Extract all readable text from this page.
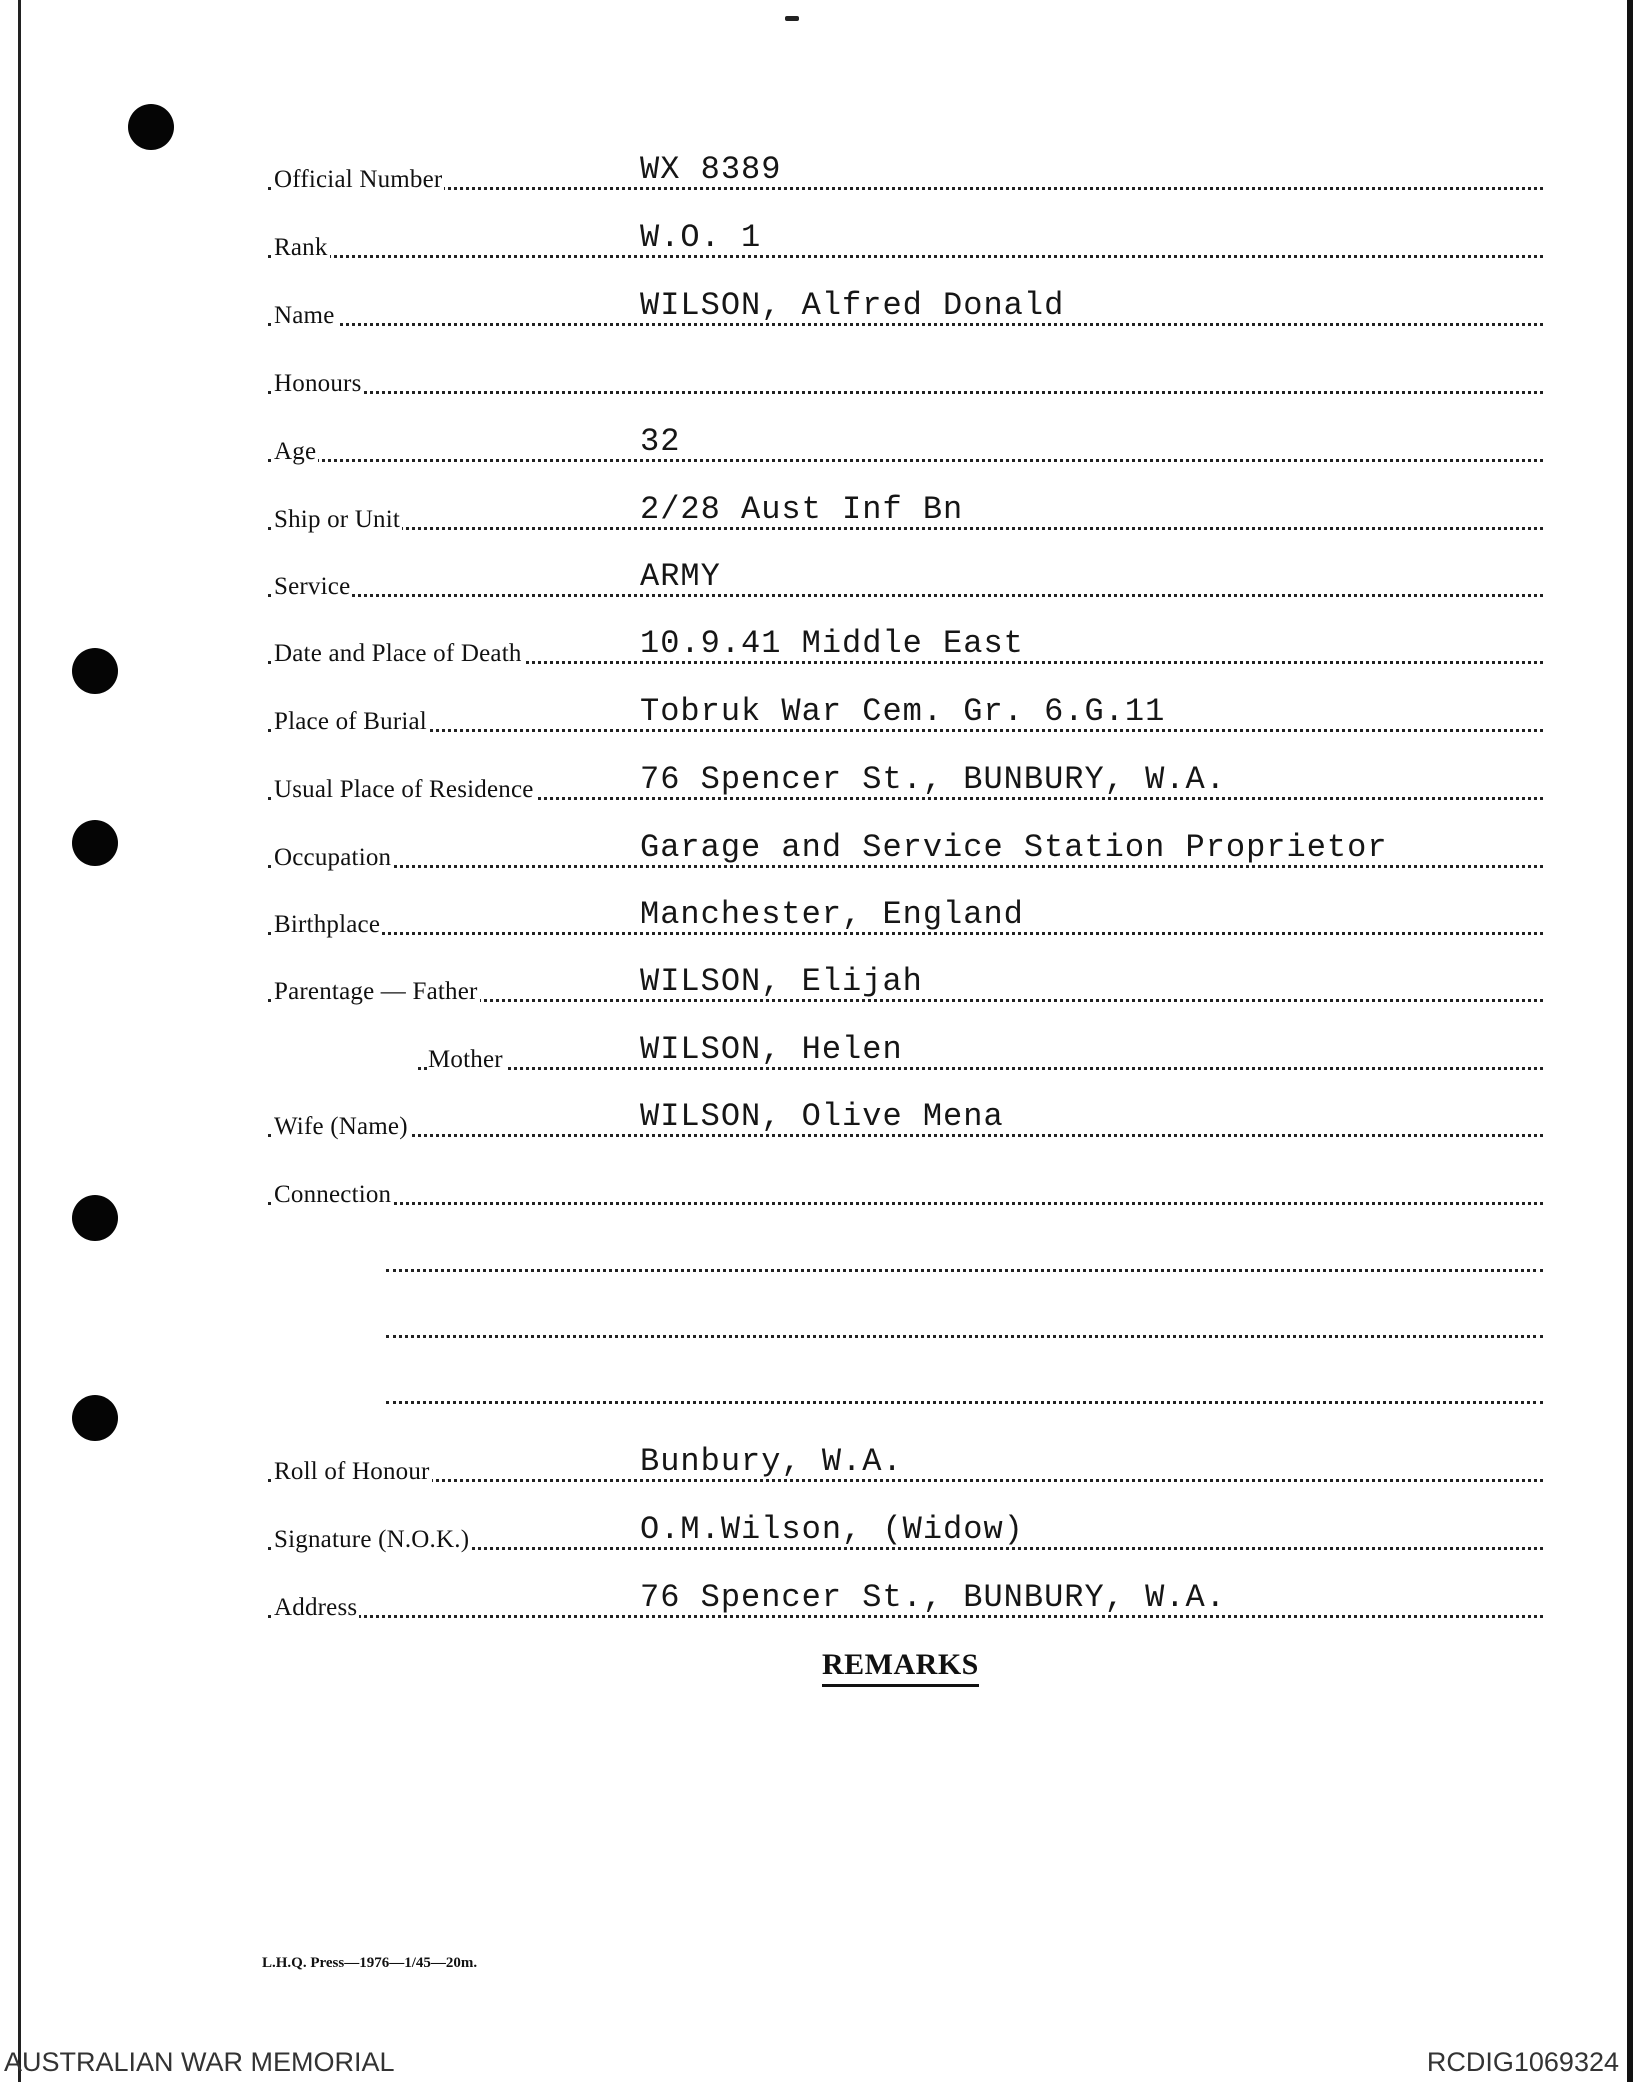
Official Number	WX 8389
Rank	W.O. 1
Name	WILSON, Alfred Donald
Honours
Age	32
Ship or Unit	2/28 Aust Inf Bn
Service	ARMY
Date and Place of Death	10.9.41 Middle East
Place of Burial	Tobruk War Cem. Gr. 6.G.11
Usual Place of Residence	76 Spencer St., BUNBURY, W.A.
Occupation	Garage and Service Station Proprietor
Birthplace	Manchester, England
Parentage — Father	WILSON, Elijah
Mother	WILSON, Helen
Wife (Name)	WILSON, Olive Mena
Connection
Roll of Honour	Bunbury, W.A.
Signature (N.O.K.)	O.M.Wilson, (Widow)
Address	76 Spencer St., BUNBURY, W.A.
REMARKS
L.H.Q. Press—1976—1/45—20m.
AUSTRALIAN WAR MEMORIAL	RCDIG1069324
